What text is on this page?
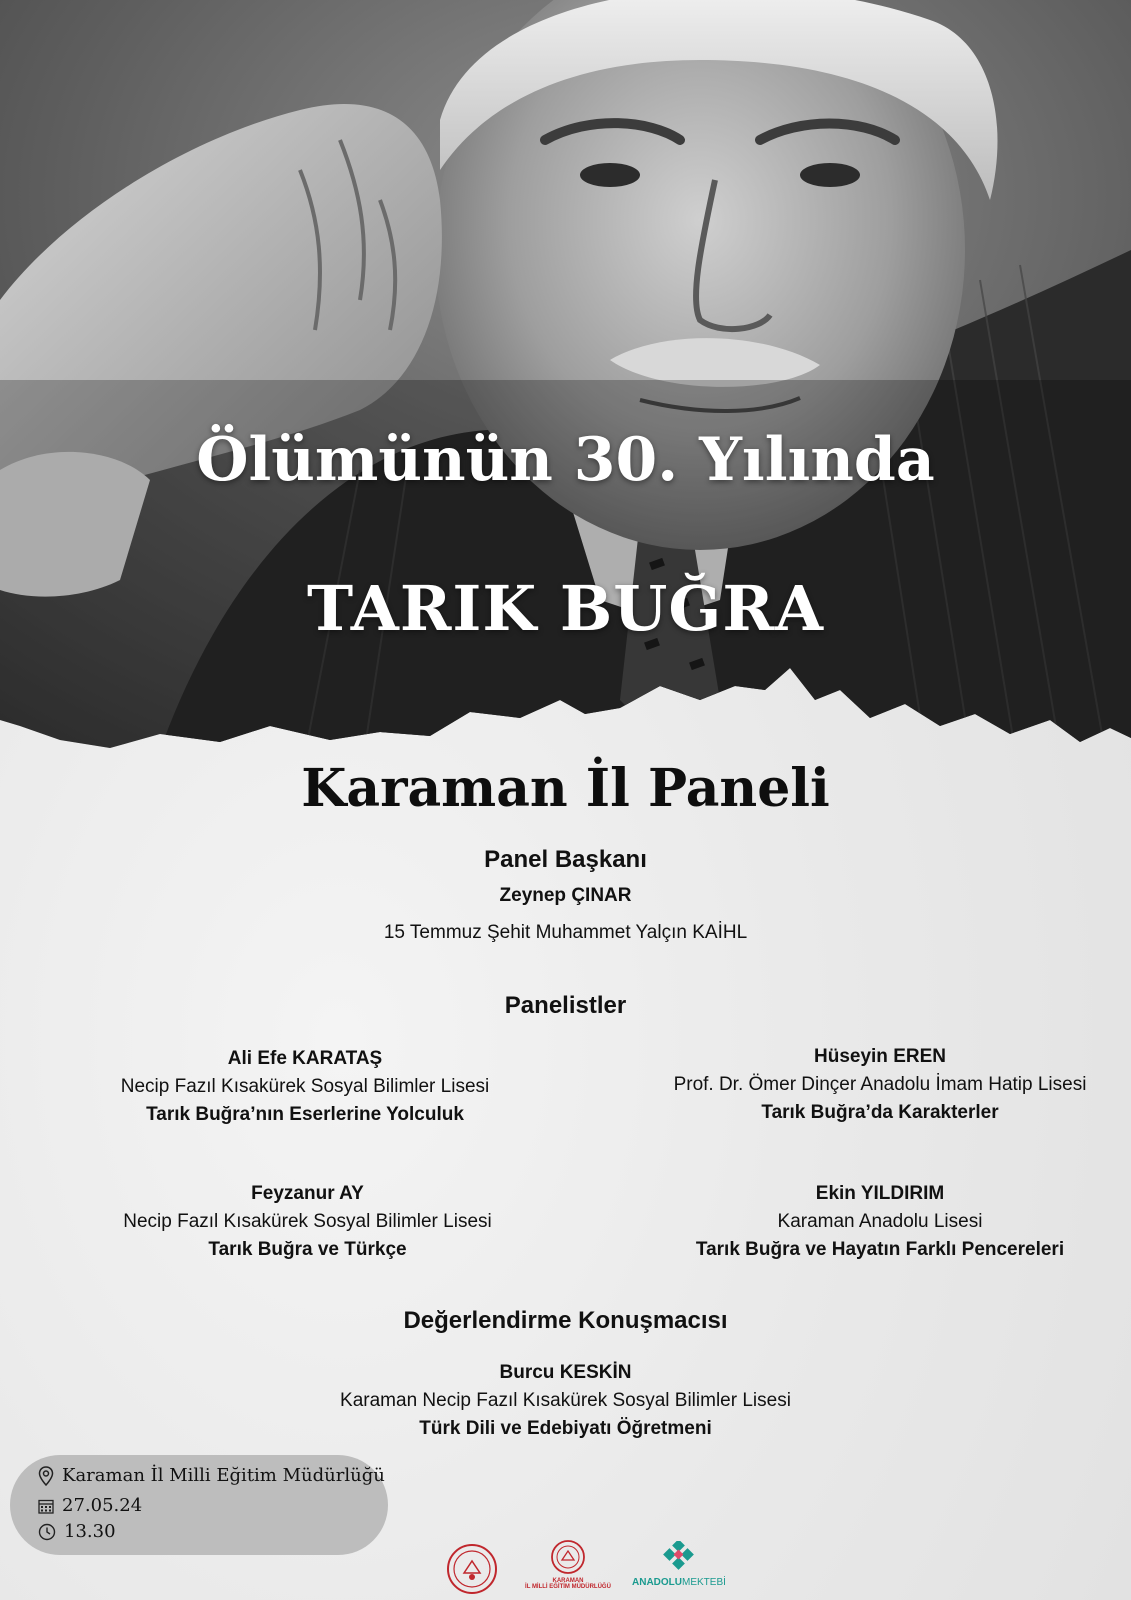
Ölümünün 30. Yılında
TARIK BUĞRA
Karaman İl Paneli
Panel Başkanı
Zeynep ÇINAR
15 Temmuz Şehit Muhammet Yalçın KAİHL
Panelistler
Ali Efe KARATAŞ
Necip Fazıl Kısakürek Sosyal Bilimler Lisesi
Tarık Buğra’nın Eserlerine Yolculuk
Hüseyin EREN
Prof. Dr. Ömer Dinçer Anadolu İmam Hatip Lisesi
Tarık Buğra’da Karakterler
Feyzanur AY
Necip Fazıl Kısakürek Sosyal Bilimler Lisesi
Tarık Buğra ve Türkçe
Ekin YILDIRIM
Karaman Anadolu Lisesi
Tarık Buğra ve Hayatın Farklı Pencereleri
Değerlendirme Konuşmacısı
Burcu KESKİN
Karaman Necip Fazıl Kısakürek Sosyal Bilimler Lisesi
Türk Dili ve Edebiyatı Öğretmeni
Karaman İl Milli Eğitim Müdürlüğü
27.05.24
13.30
KARAMAN
İL MİLLİ EĞİTİM MÜDÜRLÜĞÜ	ANADOLUMEKTEBİ
